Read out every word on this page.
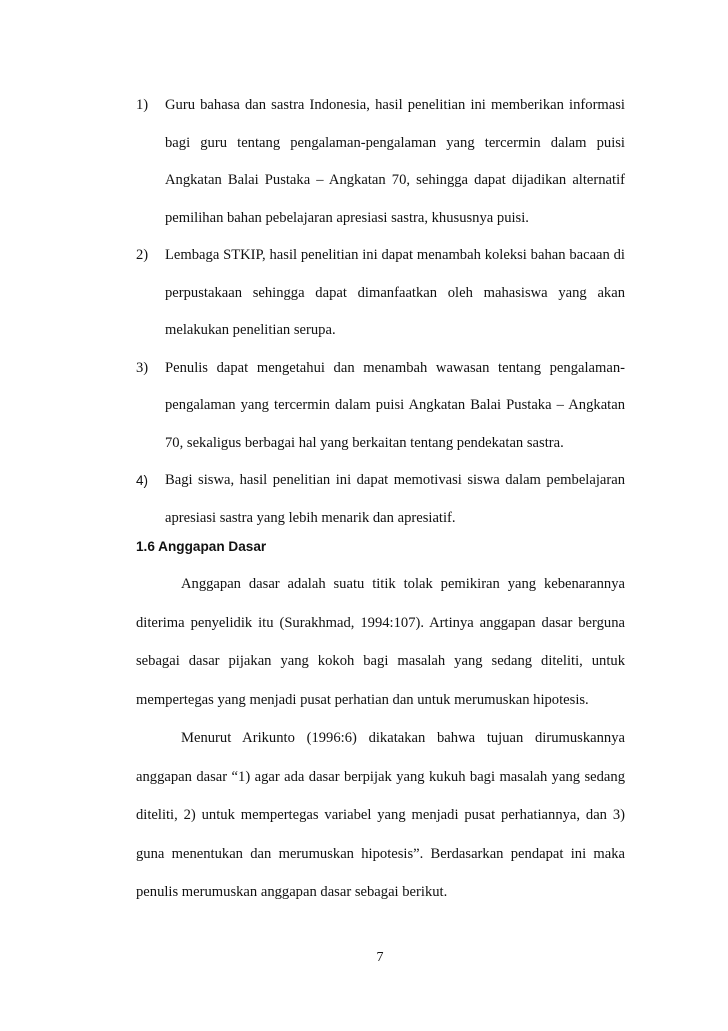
1) Guru bahasa dan sastra Indonesia, hasil penelitian ini memberikan informasi bagi guru tentang pengalaman-pengalaman yang tercermin dalam puisi Angkatan Balai Pustaka – Angkatan 70, sehingga dapat dijadikan alternatif pemilihan bahan pebelajaran apresiasi sastra, khususnya puisi.
2) Lembaga STKIP, hasil penelitian ini dapat menambah koleksi bahan bacaan di perpustakaan sehingga dapat dimanfaatkan oleh mahasiswa yang akan melakukan penelitian serupa.
3) Penulis dapat mengetahui dan menambah wawasan tentang pengalaman-pengalaman yang tercermin dalam puisi Angkatan Balai Pustaka – Angkatan 70, sekaligus berbagai hal yang berkaitan tentang pendekatan sastra.
4) Bagi siswa, hasil penelitian ini dapat memotivasi siswa dalam pembelajaran apresiasi sastra yang lebih menarik dan apresiatif.
1.6 Anggapan Dasar

Anggapan dasar adalah suatu titik tolak pemikiran yang kebenarannya diterima penyelidik itu (Surakhmad, 1994:107). Artinya anggapan dasar berguna sebagai dasar pijakan yang kokoh bagi masalah yang sedang diteliti, untuk mempertegas yang menjadi pusat perhatian dan untuk merumuskan hipotesis.

Menurut Arikunto (1996:6) dikatakan bahwa tujuan dirumuskannya anggapan dasar “1) agar ada dasar berpijak yang kukuh bagi masalah yang sedang diteliti, 2) untuk mempertegas variabel yang menjadi pusat perhatiannya, dan 3) guna menentukan dan merumuskan hipotesis”. Berdasarkan pendapat ini maka penulis merumuskan anggapan dasar sebagai berikut.

7
